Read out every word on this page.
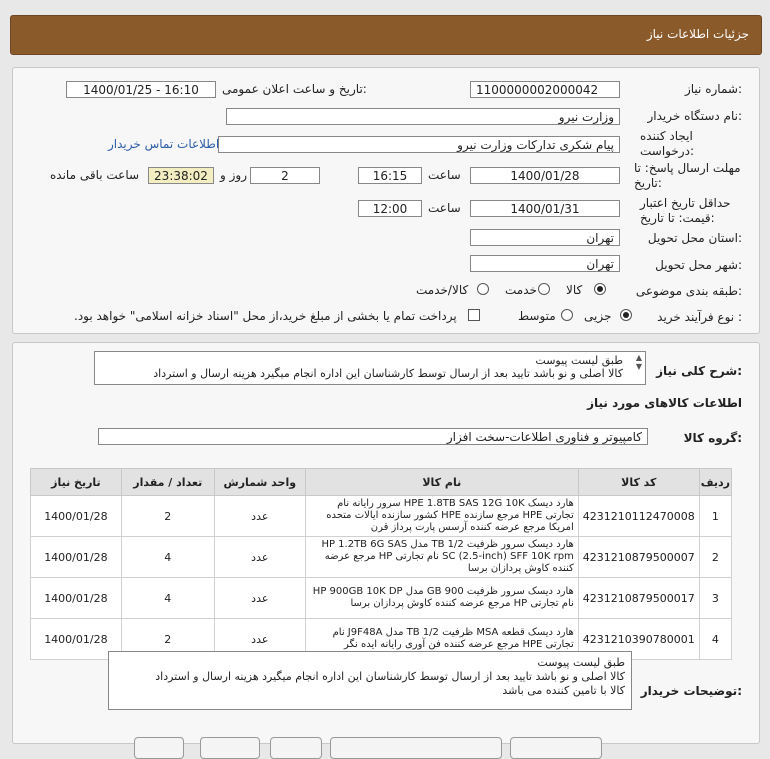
جزئیات اطلاعات نیاز
شماره نیاز:
1100000002000042
تاریخ و ساعت اعلان عمومی:
1400/01/25 - 16:10
نام دستگاه خریدار:
وزارت نیرو
ایجاد کننده درخواست:
پیام شکری تدارکات وزارت نیرو
اطلاعات تماس خریدار
مهلت ارسال پاسخ: تا تاریخ:
1400/01/28
ساعت
16:15
2
روز و
23:38:02
ساعت باقی مانده
حداقل تاریخ اعتبار قیمت: تا تاریخ:
1400/01/31
ساعت
12:00
استان محل تحویل:
تهران
شهر محل تحویل:
تهران
طبقه بندی موضوعی:
کالا
خدمت
کالا/خدمت
نوع فرآیند خرید :
جزیی
متوسط
پرداخت تمام یا بخشی از مبلغ خرید،از محل "اسناد خزانه اسلامی" خواهد بود.
شرح کلی نیاز:
طبق لیست پیوست
کالا اصلی و نو باشد تایید بعد از ارسال توسط کارشناسان این اداره انجام میگیرد هزینه ارسال و استرداد
▲
▼
اطلاعات کالاهای مورد نیاز
گروه کالا:
کامپیوتر و فناوری اطلاعات-سخت افزار
ردیف	کد کالا	نام کالا	واحد شمارش	تعداد / مقدار	تاریخ نیاز
1	4231210112470008	هارد دیسک HPE 1.8TB SAS 12G 10K سرور رایانه نام تجارتی HPE مرجع سازنده HPE کشور سازنده ایالات متحده امریکا مرجع عرضه کننده آرسس پارت پرداز قرن	عدد	2	1400/01/28
2	4231210879500007	هارد دیسک سرور ظرفیت 1/2 TB مدل HP 1.2TB 6G SAS SC (2.5-inch) SFF 10K rpm نام تجارتی HP مرجع عرضه کننده کاوش پردازان برسا	عدد	4	1400/01/28
3	4231210879500017	هارد دیسک سرور ظرفیت 900 GB مدل HP 900GB 10K DP نام تجارتی HP مرجع عرضه کننده کاوش پردازان برسا	عدد	4	1400/01/28
4	4231210390780001	هارد دیسک قطعه MSA ظرفیت 1/2 TB مدل J9F48A نام تجارتی HPE مرجع عرضه کننده فن آوری رایانه ایده نگر	عدد	2	1400/01/28
توضیحات خریدار:
طبق لیست پیوست
کالا اصلی و نو باشد تایید بعد از ارسال توسط کارشناسان این اداره انجام میگیرد هزینه ارسال و استرداد
کالا با تامین کننده می باشد
